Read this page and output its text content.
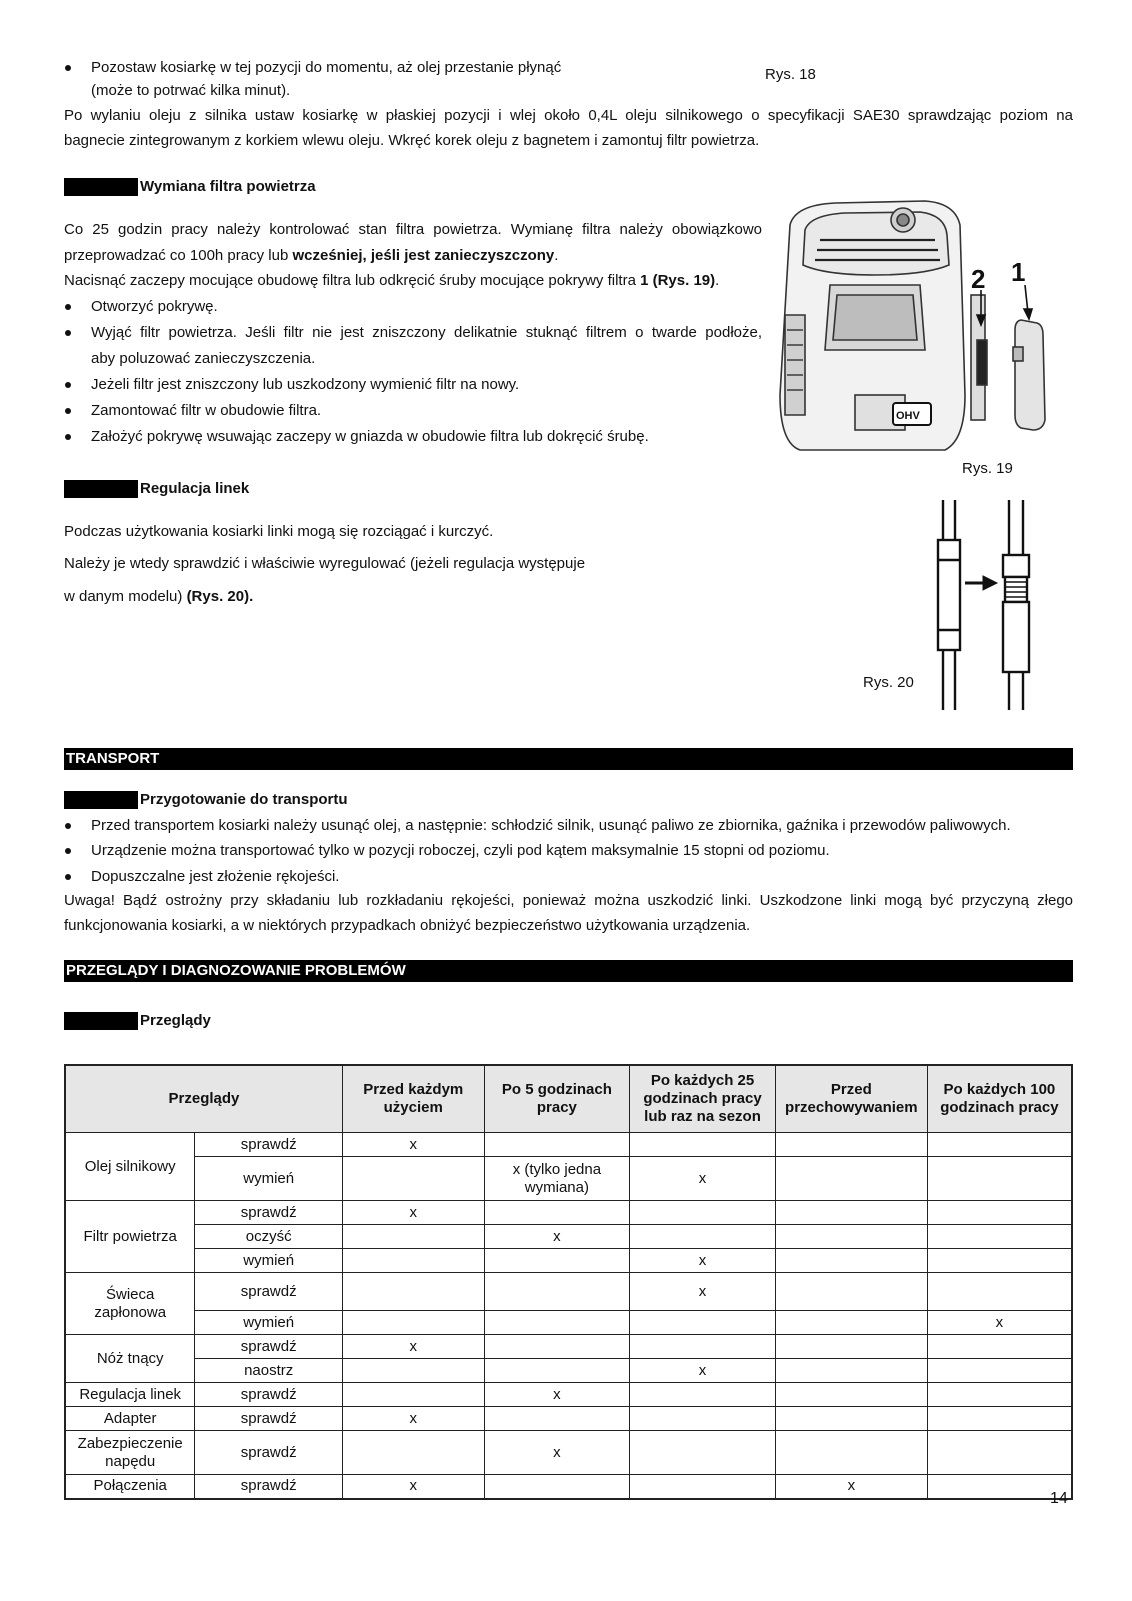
Pozostaw kosiarkę w tej pozycji do momentu, aż olej przestanie płynąć
(może to potrwać kilka minut).
Rys. 18
Po wylaniu oleju z silnika ustaw kosiarkę w płaskiej pozycji i wlej około 0,4L oleju silnikowego o specyfikacji SAE30 sprawdzając poziom na
bagnecie zintegrowanym z korkiem wlewu oleju. Wkręć korek oleju z bagnetem i zamontuj filtr powietrza.
Wymiana filtra powietrza
Co 25 godzin pracy należy kontrolować stan filtra powietrza. Wymianę filtra należy obowiązkowo
przeprowadzać co 100h pracy lub wcześniej, jeśli jest zanieczyszczony.
Nacisnąć zaczepy mocujące obudowę filtra lub odkręcić śruby mocujące pokrywy filtra 1 (Rys. 19).
Otworzyć pokrywę.
Wyjąć filtr powietrza. Jeśli filtr nie jest zniszczony delikatnie stuknąć filtrem o twarde podłoże,
aby poluzować zanieczyszczenia.
Jeżeli filtr jest zniszczony lub uszkodzony wymienić filtr na nowy.
Zamontować filtr w obudowie filtra.
Założyć pokrywę wsuwając zaczepy w gniazda w obudowie filtra lub dokręcić śrubę.
2 1
OHV
Rys. 19
Regulacja linek
Podczas użytkowania kosiarki linki mogą się rozciągać i kurczyć.
Należy je wtedy sprawdzić i właściwie wyregulować (jeżeli regulacja występuje
w danym modelu) (Rys. 20).
Rys. 20
TRANSPORT
Przygotowanie do transportu
Przed transportem kosiarki należy usunąć olej, a następnie: schłodzić silnik, usunąć paliwo ze zbiornika, gaźnika i przewodów paliwowych.
Urządzenie można transportować tylko w pozycji roboczej, czyli pod kątem maksymalnie 15 stopni od poziomu.
Dopuszczalne jest złożenie rękojeści.
Uwaga! Bądź ostrożny przy składaniu lub rozkładaniu rękojeści, ponieważ można uszkodzić linki. Uszkodzone linki mogą być przyczyną złego
funkcjonowania kosiarki, a w niektórych przypadkach obniżyć bezpieczeństwo użytkowania urządzenia.
PRZEGLĄDY I DIAGNOZOWANIE PROBLEMÓW
Przeglądy
Przeglądy		Przed każdym użyciem	Po 5 godzinach pracy	Po każdych 25 godzinach pracy lub raz na sezon	Przed przechowywaniem	Po każdych 100 godzinach pracy
Olej silnikowy	sprawdź	x				
	wymień		x (tylko jedna wymiana)	x		
Filtr powietrza	sprawdź	x				
	oczyść		x			
	wymień			x		
Świeca zapłonowa	sprawdź			x		
	wymień					x
Nóż tnący	sprawdź	x				
	naostrz			x		
Regulacja linek	sprawdź		x			
Adapter	sprawdź	x				
Zabezpieczenie napędu	sprawdź		x			
Połączenia	sprawdź	x			x	
14
